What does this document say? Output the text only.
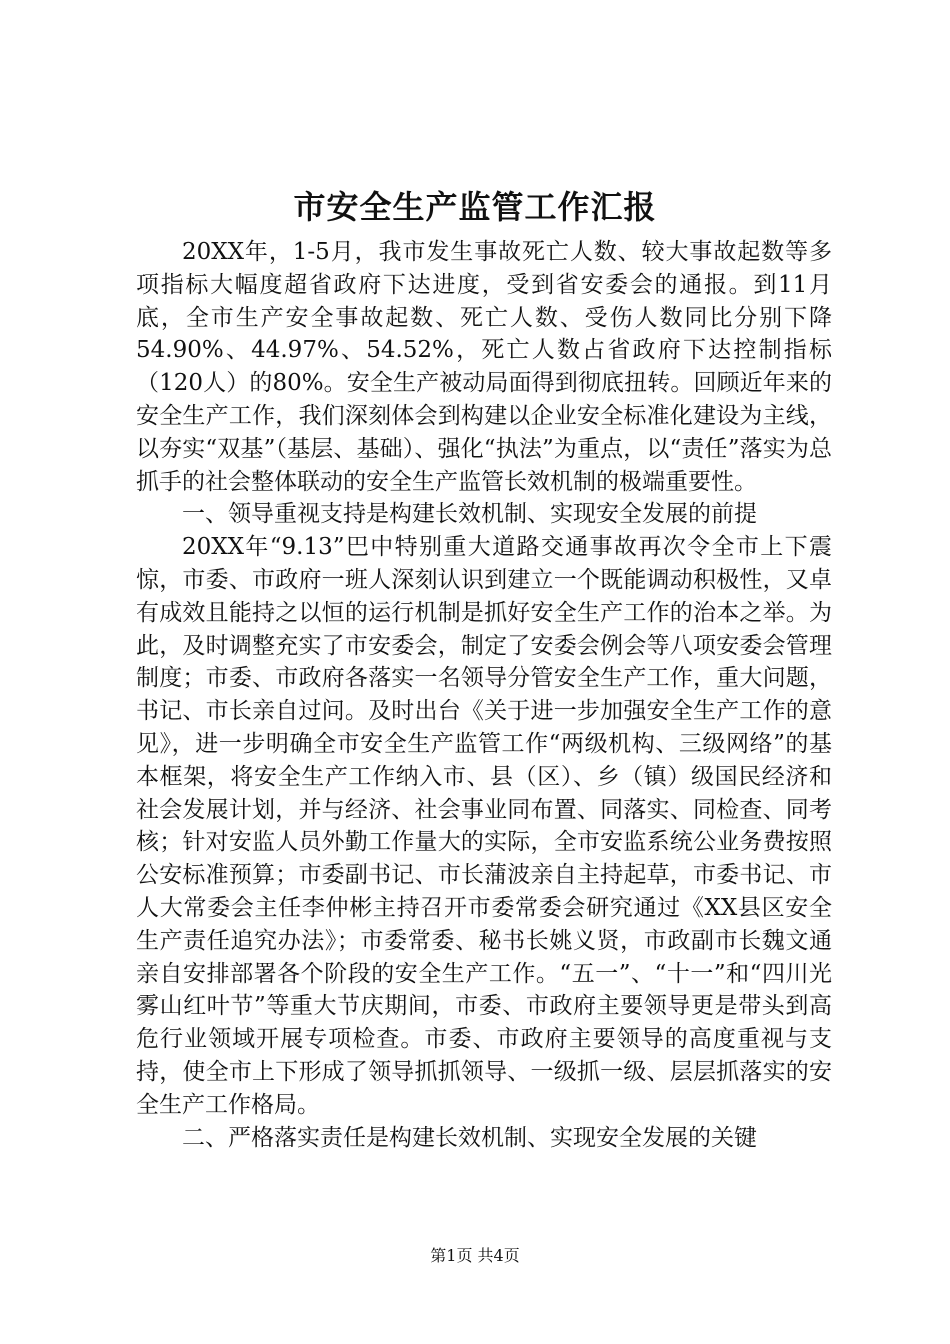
市安全生产监管工作汇报

20XX年，1-5月，我市发生事故死亡人数、较大事故起数等多项指标大幅度超省政府下达进度，受到省安委会的通报。到11月底，全市生产安全事故起数、死亡人数、受伤人数同比分别下降54.90%、44.97%、54.52%，死亡人数占省政府下达控制指标（120人）的80%。安全生产被动局面得到彻底扭转。回顾近年来的安全生产工作，我们深刻体会到构建以企业安全标准化建设为主线，以夯实“双基”（基层、基础）、强化“执法”为重点，以“责任”落实为总抓手的社会整体联动的安全生产监管长效机制的极端重要性。

一、领导重视支持是构建长效机制、实现安全发展的前提

20XX年“9.13”巴中特别重大道路交通事故再次令全市上下震惊，市委、市政府一班人深刻认识到建立一个既能调动积极性，又卓有成效且能持之以恒的运行机制是抓好安全生产工作的治本之举。为此，及时调整充实了市安委会，制定了安委会例会等八项安委会管理制度；市委、市政府各落实一名领导分管安全生产工作，重大问题，书记、市长亲自过问。及时出台《关于进一步加强安全生产工作的意见》，进一步明确全市安全生产监管工作“两级机构、三级网络”的基本框架，将安全生产工作纳入市、县（区）、乡（镇）级国民经济和社会发展计划，并与经济、社会事业同布置、同落实、同检查、同考核；针对安监人员外勤工作量大的实际，全市安监系统公业务费按照公安标准预算；市委副书记、市长蒲波亲自主持起草，市委书记、市人大常委会主任李仲彬主持召开市委常委会研究通过《XX县区安全生产责任追究办法》；市委常委、秘书长姚义贤，市政副市长魏文通亲自安排部署各个阶段的安全生产工作。“五一”、“十一”和“四川光雾山红叶节”等重大节庆期间，市委、市政府主要领导更是带头到高危行业领域开展专项检查。市委、市政府主要领导的高度重视与支持，使全市上下形成了领导抓抓领导、一级抓一级、层层抓落实的安全生产工作格局。

二、严格落实责任是构建长效机制、实现安全发展的关键

第1页 共4页
